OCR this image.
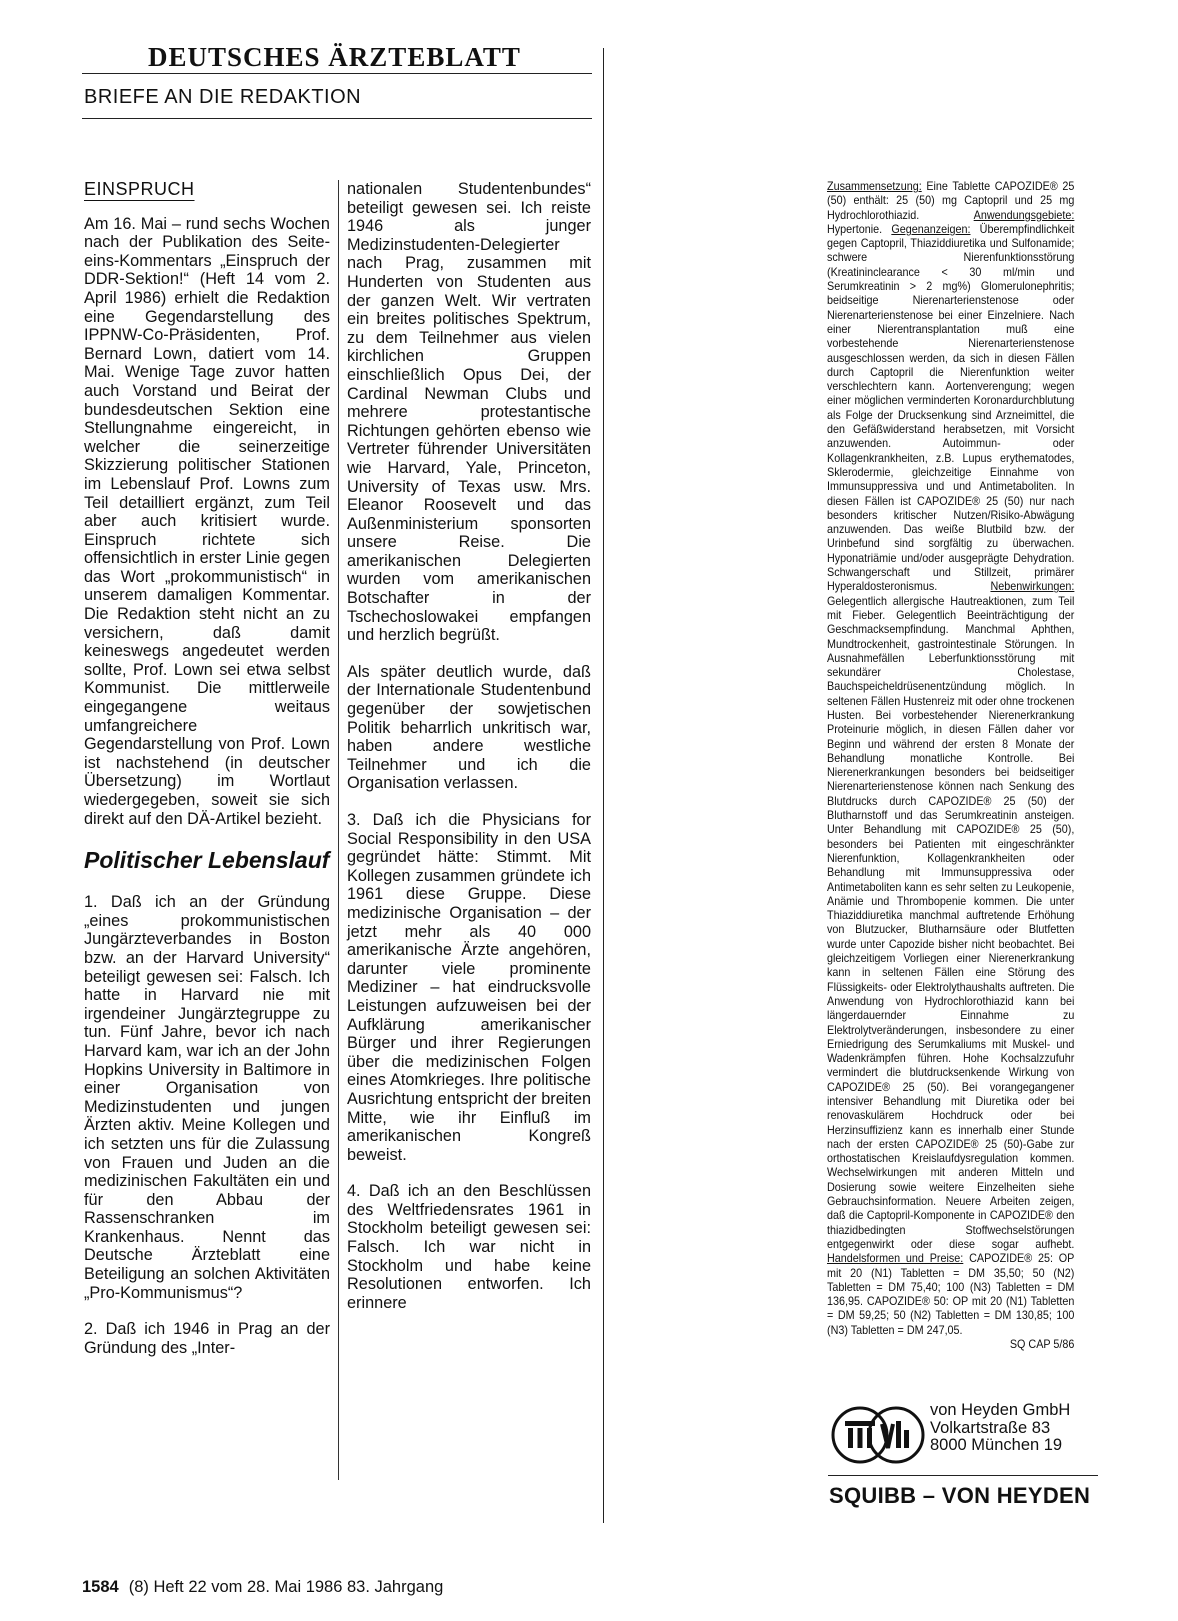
DEUTSCHES ÄRZTEBLATT
BRIEFE AN DIE REDAKTION
EINSPRUCH

Am 16. Mai – rund sechs Wochen nach der Publikation des Seite-eins-Kommentars „Einspruch der DDR-Sektion!“ (Heft 14 vom 2. April 1986) erhielt die Redaktion eine Gegendarstellung des IPPNW-Co-Präsidenten, Prof. Bernard Lown, datiert vom 14. Mai. Wenige Tage zuvor hatten auch Vorstand und Beirat der bundesdeutschen Sektion eine Stellungnahme eingereicht, in welcher die seinerzeitige Skizzierung politischer Stationen im Lebenslauf Prof. Lowns zum Teil detailliert ergänzt, zum Teil aber auch kritisiert wurde. Einspruch richtete sich offensichtlich in erster Linie gegen das Wort „prokommunistisch“ in unserem damaligen Kommentar. Die Redaktion steht nicht an zu versichern, daß damit keineswegs angedeutet werden sollte, Prof. Lown sei etwa selbst Kommunist. Die mittlerweile eingegangene weitaus umfangreichere Gegendarstellung von Prof. Lown ist nachstehend (in deutscher Übersetzung) im Wortlaut wiedergegeben, soweit sie sich direkt auf den DÄ-Artikel bezieht.

Politischer Lebenslauf

1. Daß ich an der Gründung „eines prokommunistischen Jungärzteverbandes in Boston bzw. an der Harvard University“ beteiligt gewesen sei: Falsch. Ich hatte in Harvard nie mit irgendeiner Jungärztegruppe zu tun. Fünf Jahre, bevor ich nach Harvard kam, war ich an der John Hopkins University in Baltimore in einer Organisation von Medizinstudenten und jungen Ärzten aktiv. Meine Kollegen und ich setzten uns für die Zulassung von Frauen und Juden an die medizinischen Fakultäten ein und für den Abbau der Rassenschranken im Krankenhaus. Nennt das Deutsche Ärzteblatt eine Beteiligung an solchen Aktivitäten „Pro-Kommunismus“?

2. Daß ich 1946 in Prag an der Gründung des „Inter-

nationalen Studentenbundes“ beteiligt gewesen sei. Ich reiste 1946 als junger Medizinstudenten-Delegierter nach Prag, zusammen mit Hunderten von Studenten aus der ganzen Welt. Wir vertraten ein breites politisches Spektrum, zu dem Teilnehmer aus vielen kirchlichen Gruppen einschließlich Opus Dei, der Cardinal Newman Clubs und mehrere protestantische Richtungen gehörten ebenso wie Vertreter führender Universitäten wie Harvard, Yale, Princeton, University of Texas usw. Mrs. Eleanor Roosevelt und das Außenministerium sponsorten unsere Reise. Die amerikanischen Delegierten wurden vom amerikanischen Botschafter in der Tschechoslowakei empfangen und herzlich begrüßt.

Als später deutlich wurde, daß der Internationale Studentenbund gegenüber der sowjetischen Politik beharrlich unkritisch war, haben andere westliche Teilnehmer und ich die Organisation verlassen.

3. Daß ich die Physicians for Social Responsibility in den USA gegründet hätte: Stimmt. Mit Kollegen zusammen gründete ich 1961 diese Gruppe. Diese medizinische Organisation – der jetzt mehr als 40 000 amerikanische Ärzte angehören, darunter viele prominente Mediziner – hat eindrucksvolle Leistungen aufzuweisen bei der Aufklärung amerikanischer Bürger und ihrer Regierungen über die medizinischen Folgen eines Atomkrieges. Ihre politische Ausrichtung entspricht der breiten Mitte, wie ihr Einfluß im amerikanischen Kongreß beweist.

4. Daß ich an den Beschlüssen des Weltfriedensrates 1961 in Stockholm beteiligt gewesen sei: Falsch. Ich war nicht in Stockholm und habe keine Resolutionen entworfen. Ich erinnere

Zusammensetzung: Eine Tablette CAPOZIDE® 25 (50) enthält: 25 (50) mg Captopril und 25 mg Hydrochlorothiazid. Anwendungsgebiete: Hypertonie. Gegenanzeigen: Überempfindlichkeit gegen Captopril, Thiaziddiuretika und Sulfonamide; schwere Nierenfunktionsstörung (Kreatininclearance < 30 ml/min und Serumkreatinin > 2 mg%) Glomerulonephritis; beidseitige Nierenarterienstenose oder Nierenarterienstenose bei einer Einzelniere. Nach einer Nierentransplantation muß eine vorbestehende Nierenarterienstenose ausgeschlossen werden, da sich in diesen Fällen durch Captopril die Nierenfunktion weiter verschlechtern kann. Aortenverengung; wegen einer möglichen verminderten Koronardurchblutung als Folge der Drucksenkung sind Arzneimittel, die den Gefäßwiderstand herabsetzen, mit Vorsicht anzuwenden. Autoimmun- oder Kollagenkrankheiten, z.B. Lupus erythematodes, Sklerodermie, gleichzeitige Einnahme von Immunsuppressiva und und Antimetaboliten. In diesen Fällen ist CAPOZIDE® 25 (50) nur nach besonders kritischer Nutzen/Risiko-Abwägung anzuwenden. Das weiße Blutbild bzw. der Urinbefund sind sorgfältig zu überwachen. Hyponatriämie und/oder ausgeprägte Dehydration. Schwangerschaft und Stillzeit, primärer Hyperaldosteronismus. Nebenwirkungen: Gelegentlich allergische Hautreaktionen, zum Teil mit Fieber. Gelegentlich Beeinträchtigung der Geschmacksempfindung. Manchmal Aphthen, Mundtrockenheit, gastrointestinale Störungen. In Ausnahmefällen Leberfunktionsstörung mit sekundärer Cholestase, Bauchspeicheldrüsenentzündung möglich. In seltenen Fällen Hustenreiz mit oder ohne trockenen Husten. Bei vorbestehender Nierenerkrankung Proteinurie möglich, in diesen Fällen daher vor Beginn und während der ersten 8 Monate der Behandlung monatliche Kontrolle. Bei Nierenerkrankungen besonders bei beidseitiger Nierenarterienstenose können nach Senkung des Blutdrucks durch CAPOZIDE® 25 (50) der Blutharnstoff und das Serumkreatinin ansteigen. Unter Behandlung mit CAPOZIDE® 25 (50), besonders bei Patienten mit eingeschränkter Nierenfunktion, Kollagenkrankheiten oder Behandlung mit Immunsuppressiva oder Antimetaboliten kann es sehr selten zu Leukopenie, Anämie und Thrombopenie kommen. Die unter Thiaziddiuretika manchmal auftretende Erhöhung von Blutzucker, Blutharnsäure oder Blutfetten wurde unter Capozide bisher nicht beobachtet. Bei gleichzeitigem Vorliegen einer Nierenerkrankung kann in seltenen Fällen eine Störung des Flüssigkeits- oder Elektrolythaushalts auftreten. Die Anwendung von Hydrochlorothiazid kann bei längerdauernder Einnahme zu Elektrolytveränderungen, insbesondere zu einer Erniedrigung des Serumkaliums mit Muskel- und Wadenkrämpfen führen. Hohe Kochsalzzufuhr vermindert die blutdrucksenkende Wirkung von CAPOZIDE® 25 (50). Bei vorangegangener intensiver Behandlung mit Diuretika oder bei renovaskulärem Hochdruck oder bei Herzinsuffizienz kann es innerhalb einer Stunde nach der ersten CAPOZIDE® 25 (50)-Gabe zur orthostatischen Kreislaufdysregulation kommen. Wechselwirkungen mit anderen Mitteln und Dosierung sowie weitere Einzelheiten siehe Gebrauchsinformation. Neuere Arbeiten zeigen, daß die Captopril-Komponente in CAPOZIDE® den thiazidbedingten Stoffwechselstörungen entgegenwirkt oder diese sogar aufhebt. Handelsformen und Preise: CAPOZIDE® 25: OP mit 20 (N1) Tabletten = DM 35,50; 50 (N2) Tabletten = DM 75,40; 100 (N3) Tabletten = DM 136,95. CAPOZIDE® 50: OP mit 20 (N1) Tabletten = DM 59,25; 50 (N2) Tabletten = DM 130,85; 100 (N3) Tabletten = DM 247,05.
SQ CAP 5/86
von Heyden GmbH
Volkartstraße 83
8000 München 19
SQUIBB – VON HEYDEN
1584 (8) Heft 22 vom 28. Mai 1986 83. Jahrgang
